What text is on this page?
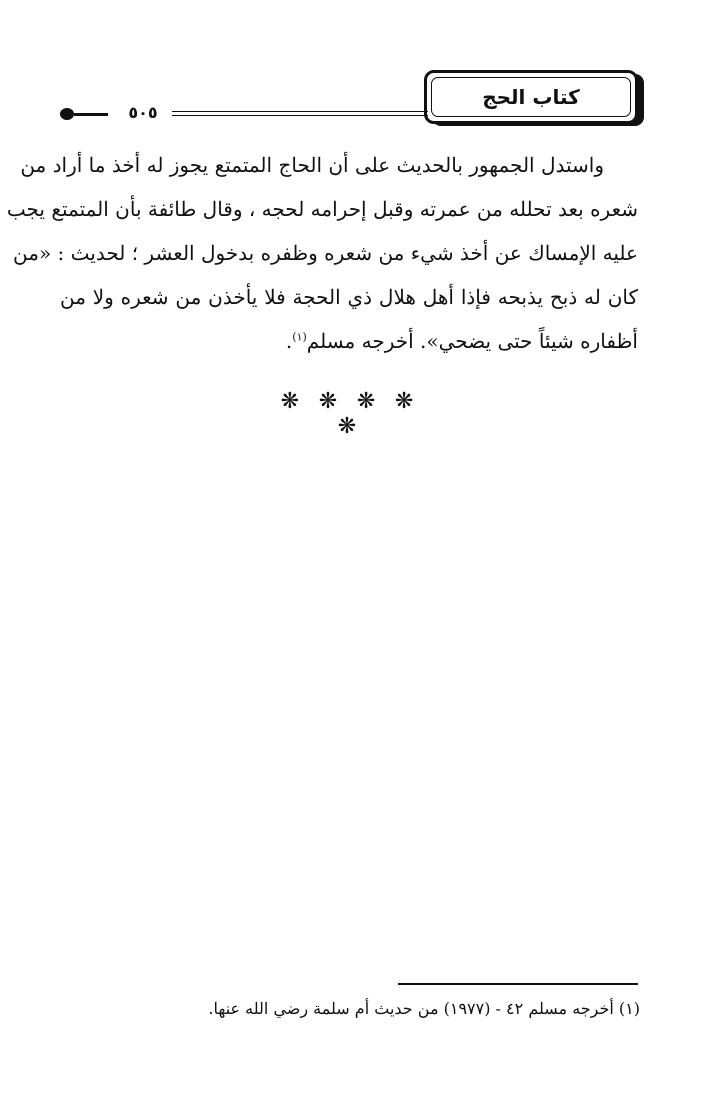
كتاب الحج
٥٠٥
واستدل الجمهور بالحديث على أن الحاج المتمتع يجوز له أخذ ما أراد من
شعره بعد تحلله من عمرته وقبل إحرامه لحجه ، وقال طائفة بأن المتمتع يجب
عليه الإمساك عن أخذ شيء من شعره وظفره بدخول العشر ؛ لحديث : «من
كان له ذبح يذبحه فإذا أهل هلال ذي الحجة فلا يأخذن من شعره ولا من
أظفاره شيئاً حتى يضحي». أخرجه مسلم$^{(١)}$.
❋ ❋ ❋ ❋ ❋
(١) أخرجه مسلم ٤٢ - (١٩٧٧) من حديث أم سلمة رضي الله عنها.
